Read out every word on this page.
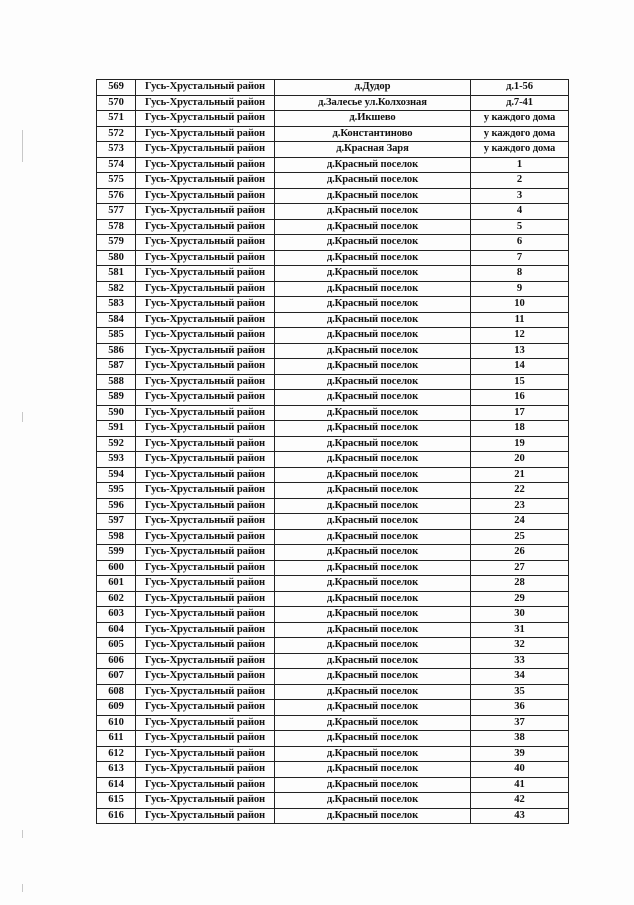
569	Гусь-Хрустальный район	д.Дудор	д.1-56
570	Гусь-Хрустальный район	д.Залесье ул.Колхозная	д.7-41
571	Гусь-Хрустальный район	д.Икшево	у каждого дома
572	Гусь-Хрустальный район	д.Константиново	у каждого дома
573	Гусь-Хрустальный район	д.Красная Заря	у каждого дома
574	Гусь-Хрустальный район	д.Красный поселок	1
575	Гусь-Хрустальный район	д.Красный поселок	2
576	Гусь-Хрустальный район	д.Красный поселок	3
577	Гусь-Хрустальный район	д.Красный поселок	4
578	Гусь-Хрустальный район	д.Красный поселок	5
579	Гусь-Хрустальный район	д.Красный поселок	6
580	Гусь-Хрустальный район	д.Красный поселок	7
581	Гусь-Хрустальный район	д.Красный поселок	8
582	Гусь-Хрустальный район	д.Красный поселок	9
583	Гусь-Хрустальный район	д.Красный поселок	10
584	Гусь-Хрустальный район	д.Красный поселок	11
585	Гусь-Хрустальный район	д.Красный поселок	12
586	Гусь-Хрустальный район	д.Красный поселок	13
587	Гусь-Хрустальный район	д.Красный поселок	14
588	Гусь-Хрустальный район	д.Красный поселок	15
589	Гусь-Хрустальный район	д.Красный поселок	16
590	Гусь-Хрустальный район	д.Красный поселок	17
591	Гусь-Хрустальный район	д.Красный поселок	18
592	Гусь-Хрустальный район	д.Красный поселок	19
593	Гусь-Хрустальный район	д.Красный поселок	20
594	Гусь-Хрустальный район	д.Красный поселок	21
595	Гусь-Хрустальный район	д.Красный поселок	22
596	Гусь-Хрустальный район	д.Красный поселок	23
597	Гусь-Хрустальный район	д.Красный поселок	24
598	Гусь-Хрустальный район	д.Красный поселок	25
599	Гусь-Хрустальный район	д.Красный поселок	26
600	Гусь-Хрустальный район	д.Красный поселок	27
601	Гусь-Хрустальный район	д.Красный поселок	28
602	Гусь-Хрустальный район	д.Красный поселок	29
603	Гусь-Хрустальный район	д.Красный поселок	30
604	Гусь-Хрустальный район	д.Красный поселок	31
605	Гусь-Хрустальный район	д.Красный поселок	32
606	Гусь-Хрустальный район	д.Красный поселок	33
607	Гусь-Хрустальный район	д.Красный поселок	34
608	Гусь-Хрустальный район	д.Красный поселок	35
609	Гусь-Хрустальный район	д.Красный поселок	36
610	Гусь-Хрустальный район	д.Красный поселок	37
611	Гусь-Хрустальный район	д.Красный поселок	38
612	Гусь-Хрустальный район	д.Красный поселок	39
613	Гусь-Хрустальный район	д.Красный поселок	40
614	Гусь-Хрустальный район	д.Красный поселок	41
615	Гусь-Хрустальный район	д.Красный поселок	42
616	Гусь-Хрустальный район	д.Красный поселок	43
